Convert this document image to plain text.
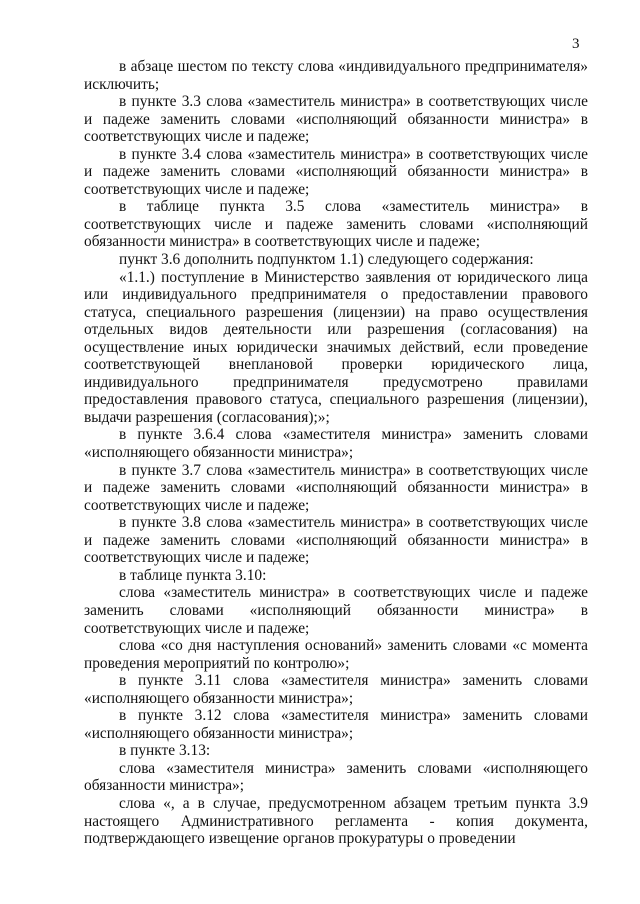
3

в абзаце шестом по тексту слова «индивидуального предпринимателя» исключить;

в пункте 3.3 слова «заместитель министра» в соответствующих числе и падеже заменить словами «исполняющий обязанности министра» в соответствующих числе и падеже;

в пункте 3.4 слова «заместитель министра» в соответствующих числе и падеже заменить словами «исполняющий обязанности министра» в соответствующих числе и падеже;

в таблице пункта 3.5 слова «заместитель министра» в соответствующих числе и падеже заменить словами «исполняющий обязанности министра» в соответствующих числе и падеже;

пункт 3.6 дополнить подпунктом 1.1) следующего содержания:

«1.1.) поступление в Министерство заявления от юридического лица или индивидуального предпринимателя о предоставлении правового статуса, специального разрешения (лицензии) на право осуществления отдельных видов деятельности или разрешения (согласования) на осуществление иных юридически значимых действий, если проведение соответствующей внеплановой проверки юридического лица, индивидуального предпринимателя предусмотрено правилами предоставления правового статуса, специального разрешения (лицензии), выдачи разрешения (согласования);»;

в пункте 3.6.4 слова «заместителя министра» заменить словами «исполняющего обязанности министра»;

в пункте 3.7 слова «заместитель министра» в соответствующих числе и падеже заменить словами «исполняющий обязанности министра» в соответствующих числе и падеже;

в пункте 3.8 слова «заместитель министра» в соответствующих числе и падеже заменить словами «исполняющий обязанности министра» в соответствующих числе и падеже;

в таблице пункта 3.10:

слова «заместитель министра» в соответствующих числе и падеже заменить словами «исполняющий обязанности министра» в соответствующих числе и падеже;

слова «со дня наступления оснований» заменить словами «с момента проведения мероприятий по контролю»;

в пункте 3.11 слова «заместителя министра» заменить словами «исполняющего обязанности министра»;

в пункте 3.12 слова «заместителя министра» заменить словами «исполняющего обязанности министра»;

в пункте 3.13:

слова «заместителя министра» заменить словами «исполняющего обязанности министра»;

слова «, а в случае, предусмотренном абзацем третьим пункта 3.9 настоящего Административного регламента - копия документа, подтверждающего извещение органов прокуратуры о проведении
